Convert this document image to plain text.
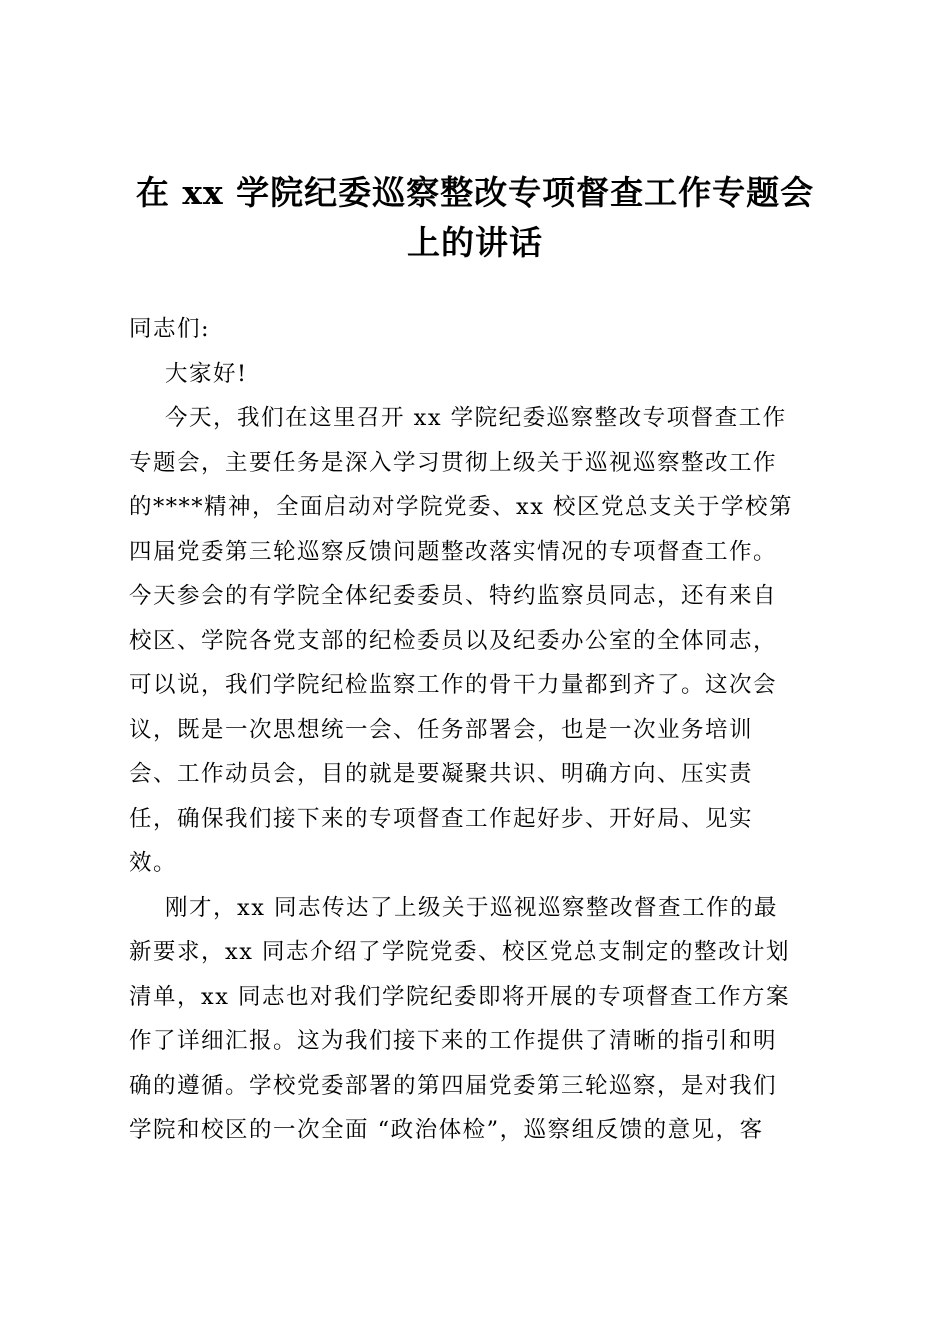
在 xx 学院纪委巡察整改专项督查工作专题会
上的讲话
同志们:
大家好!
今天，我们在这里召开 xx 学院纪委巡察整改专项督查工作
专题会，主要任务是深入学习贯彻上级关于巡视巡察整改工作
的****精神，全面启动对学院党委、xx 校区党总支关于学校第
四届党委第三轮巡察反馈问题整改落实情况的专项督查工作。
今天参会的有学院全体纪委委员、特约监察员同志，还有来自
校区、学院各党支部的纪检委员以及纪委办公室的全体同志，
可以说，我们学院纪检监察工作的骨干力量都到齐了。这次会
议，既是一次思想统一会、任务部署会，也是一次业务培训
会、工作动员会，目的就是要凝聚共识、明确方向、压实责
任，确保我们接下来的专项督查工作起好步、开好局、见实
效。
刚才，xx 同志传达了上级关于巡视巡察整改督查工作的最
新要求，xx 同志介绍了学院党委、校区党总支制定的整改计划
清单，xx 同志也对我们学院纪委即将开展的专项督查工作方案
作了详细汇报。这为我们接下来的工作提供了清晰的指引和明
确的遵循。学校党委部署的第四届党委第三轮巡察，是对我们
学院和校区的一次全面 “政治体检”，巡察组反馈的意见，客
